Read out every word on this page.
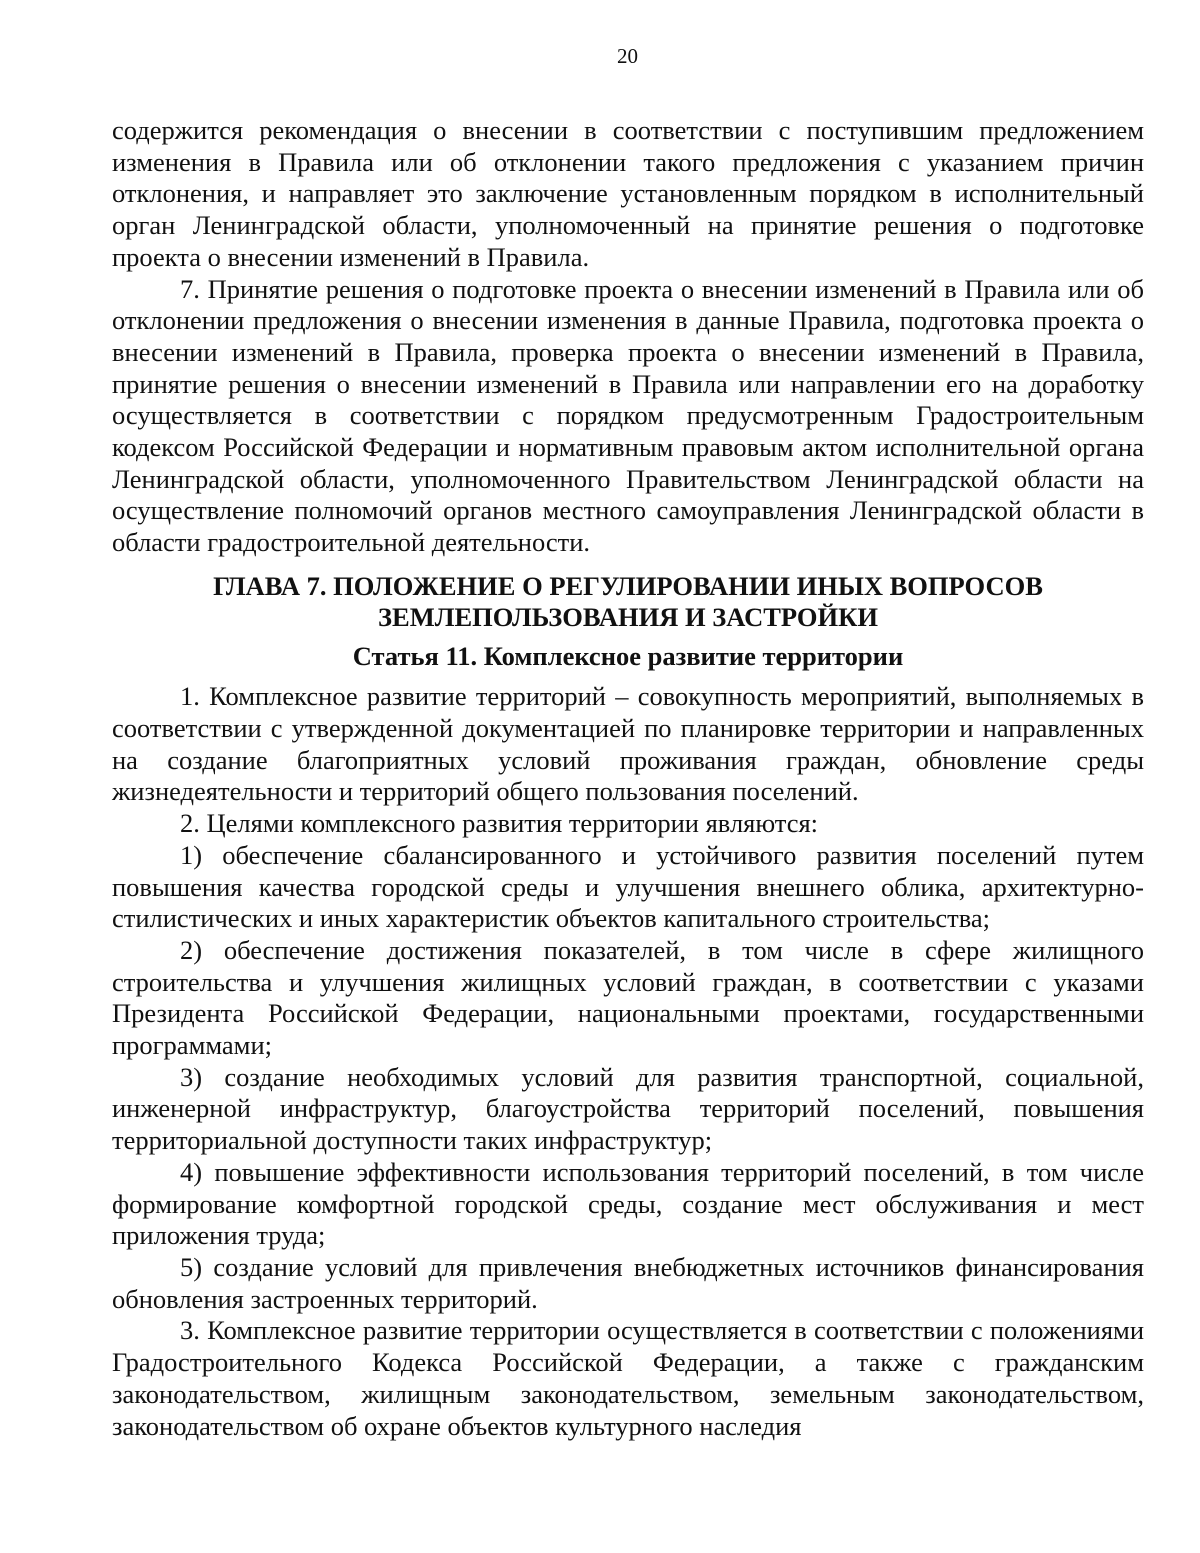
20

содержится рекомендация о внесении в соответствии с поступившим предложением изменения в Правила или об отклонении такого предложения с указанием причин отклонения, и направляет это заключение установленным порядком в исполнительный орган Ленинградской области, уполномоченный на принятие решения о подготовке проекта о внесении изменений в Правила.

7. Принятие решения о подготовке проекта о внесении изменений в Правила или об отклонении предложения о внесении изменения в данные Правила, подготовка проекта о внесении изменений в Правила, проверка проекта о внесении изменений в Правила, принятие решения о внесении изменений в Правила или направлении его на доработку осуществляется в соответствии с порядком предусмотренным Градостроительным кодексом Российской Федерации и нормативным правовым актом исполнительной органа Ленинградской области, уполномоченного Правительством Ленинградской области на осуществление полномочий органов местного самоуправления Ленинградской области в области градостроительной деятельности.

ГЛАВА 7. ПОЛОЖЕНИЕ О РЕГУЛИРОВАНИИ ИНЫХ ВОПРОСОВ
ЗЕМЛЕПОЛЬЗОВАНИЯ И ЗАСТРОЙКИ
Статья 11. Комплексное развитие территории

1. Комплексное развитие территорий – совокупность мероприятий, выполняемых в соответствии с утвержденной документацией по планировке территории и направленных на создание благоприятных условий проживания граждан, обновление среды жизнедеятельности и территорий общего пользования поселений.

2. Целями комплексного развития территории являются:

1) обеспечение сбалансированного и устойчивого развития поселений путем повышения качества городской среды и улучшения внешнего облика, архитектурно-стилистических и иных характеристик объектов капитального строительства;

2) обеспечение достижения показателей, в том числе в сфере жилищного строительства и улучшения жилищных условий граждан, в соответствии с указами Президента Российской Федерации, национальными проектами, государственными программами;

3) создание необходимых условий для развития транспортной, социальной, инженерной инфраструктур, благоустройства территорий поселений, повышения территориальной доступности таких инфраструктур;

4) повышение эффективности использования территорий поселений, в том числе формирование комфортной городской среды, создание мест обслуживания и мест приложения труда;

5) создание условий для привлечения внебюджетных источников финансирования обновления застроенных территорий.

3. Комплексное развитие территории осуществляется в соответствии с положениями Градостроительного Кодекса Российской Федерации, а также с гражданским законодательством, жилищным законодательством, земельным законодательством, законодательством об охране объектов культурного наследия
